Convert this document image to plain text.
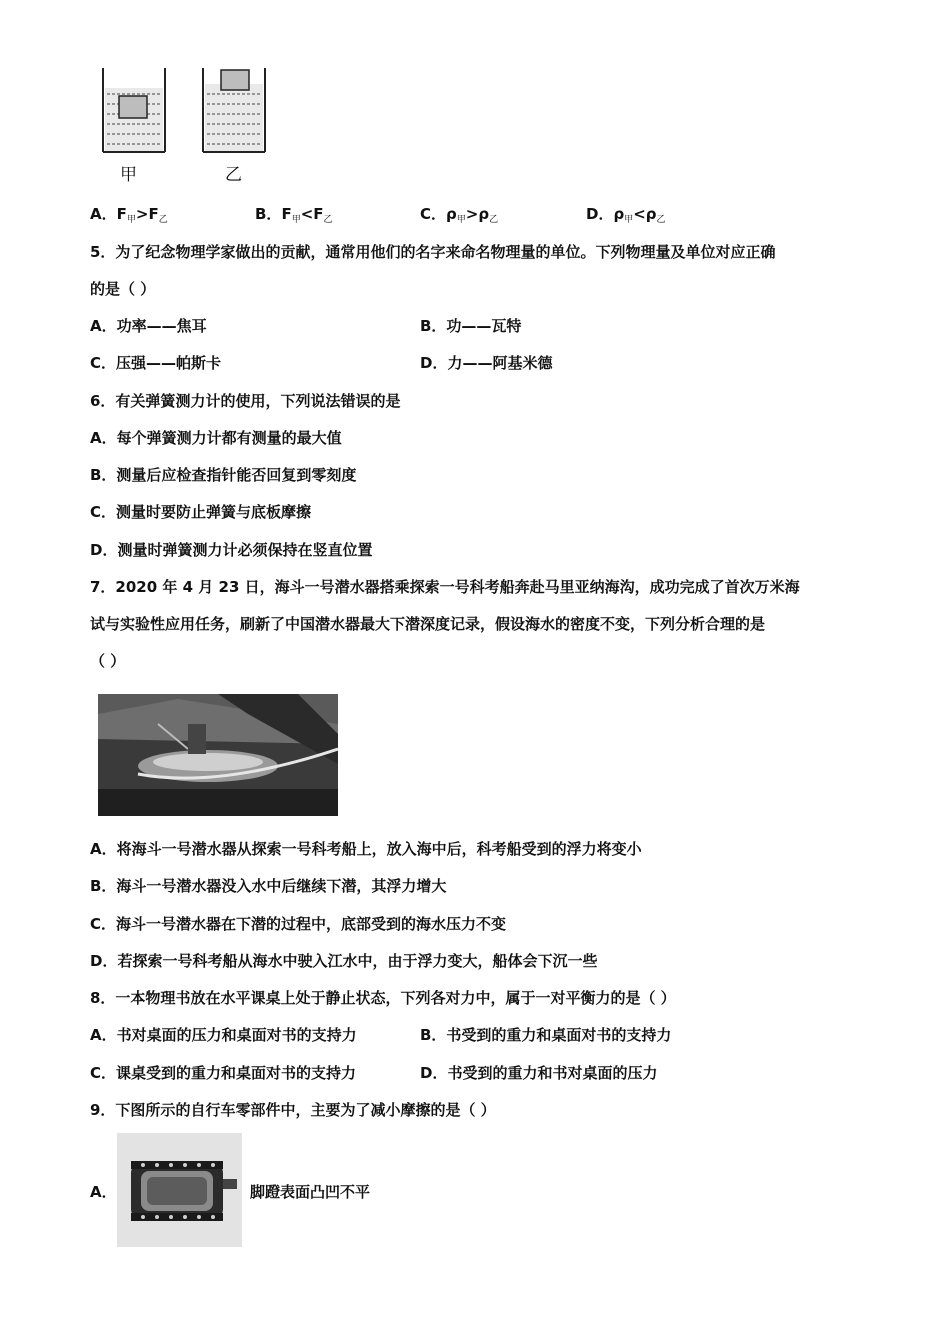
甲	乙
A．$F_甲>F_乙$	B．$F_甲<F_乙$	C．$\rho_甲>\rho_乙$	D．$\rho_甲<\rho_乙$
5．为了纪念物理学家做出的贡献，通常用他们的名字来命名物理量的单位。下列物理量及单位对应正确
的是（ ）
A．功率——焦耳	B．功——瓦特
C．压强——帕斯卡	D．力——阿基米德
6．有关弹簧测力计的使用，下列说法错误的是
A．每个弹簧测力计都有测量的最大值
B．测量后应检查指针能否回复到零刻度
C．测量时要防止弹簧与底板摩擦
D．测量时弹簧测力计必须保持在竖直位置
7．2020 年 4 月 23 日，海斗一号潜水器搭乘探索一号科考船奔赴马里亚纳海沟，成功完成了首次万米海
试与实验性应用任务，刷新了中国潜水器最大下潜深度记录，假设海水的密度不变，下列分析合理的是
（ ）
A．将海斗一号潜水器从探索一号科考船上，放入海中后，科考船受到的浮力将变小
B．海斗一号潜水器没入水中后继续下潜，其浮力增大
C．海斗一号潜水器在下潜的过程中，底部受到的海水压力不变
D．若探索一号科考船从海水中驶入江水中，由于浮力变大，船体会下沉一些
8．一本物理书放在水平课桌上处于静止状态，下列各对力中，属于一对平衡力的是（ ）
A．书对桌面的压力和桌面对书的支持力	B．书受到的重力和桌面对书的支持力
C．课桌受到的重力和桌面对书的支持力	D．书受到的重力和书对桌面的压力
9．下图所示的自行车零部件中，主要为了减小摩擦的是（ ）
A．	脚蹬表面凸凹不平
